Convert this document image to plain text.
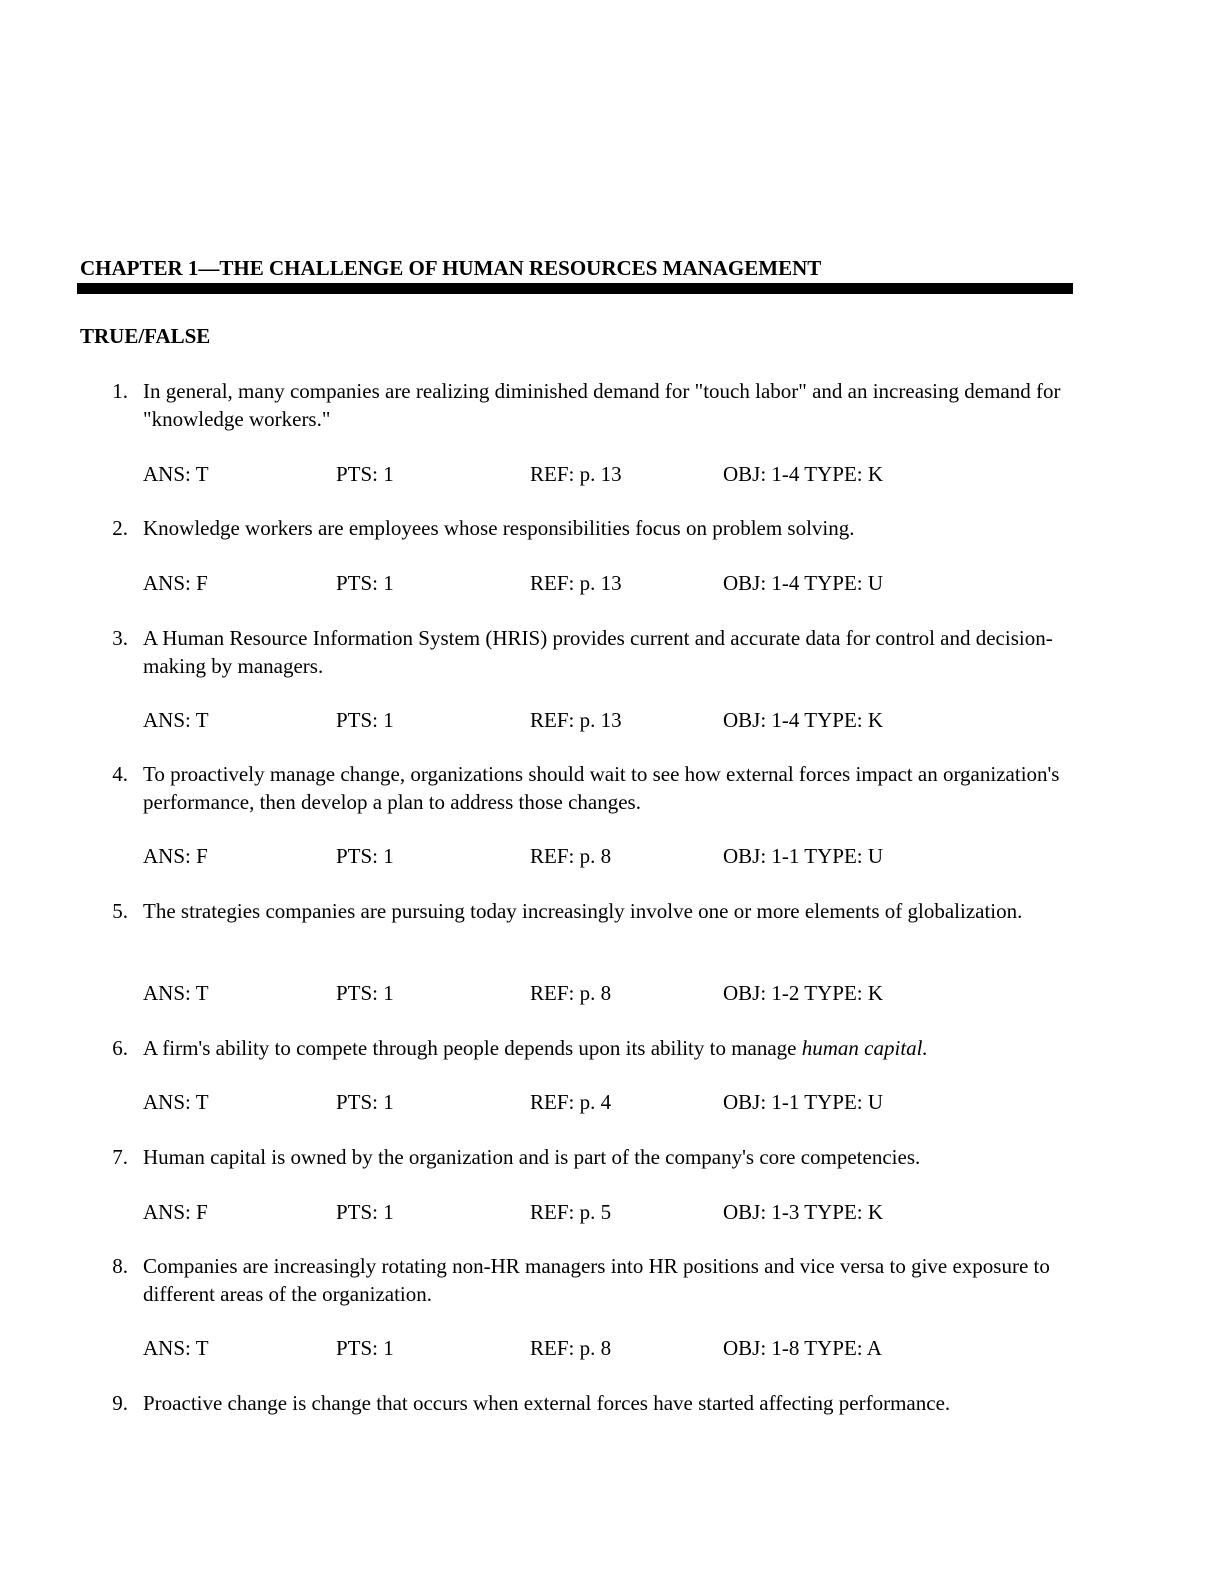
CHAPTER 1—THE CHALLENGE OF HUMAN RESOURCES MANAGEMENT
TRUE/FALSE
1. In general, many companies are realizing diminished demand for "touch labor" and an increasing demand for "knowledge workers."
ANS: T	PTS: 1	REF: p. 13	OBJ: 1-4 TYPE: K
2. Knowledge workers are employees whose responsibilities focus on problem solving.
ANS: F	PTS: 1	REF: p. 13	OBJ: 1-4 TYPE: U
3. A Human Resource Information System (HRIS) provides current and accurate data for control and decision-making by managers.
ANS: T	PTS: 1	REF: p. 13	OBJ: 1-4 TYPE: K
4. To proactively manage change, organizations should wait to see how external forces impact an organization's performance, then develop a plan to address those changes.
ANS: F	PTS: 1	REF: p. 8	OBJ: 1-1 TYPE: U
5. The strategies companies are pursuing today increasingly involve one or more elements of globalization.
ANS: T	PTS: 1	REF: p. 8	OBJ: 1-2 TYPE: K
6. A firm's ability to compete through people depends upon its ability to manage human capital.
ANS: T	PTS: 1	REF: p. 4	OBJ: 1-1 TYPE: U
7. Human capital is owned by the organization and is part of the company's core competencies.
ANS: F	PTS: 1	REF: p. 5	OBJ: 1-3 TYPE: K
8. Companies are increasingly rotating non-HR managers into HR positions and vice versa to give exposure to different areas of the organization.
ANS: T	PTS: 1	REF: p. 8	OBJ: 1-8 TYPE: A
9. Proactive change is change that occurs when external forces have started affecting performance.
